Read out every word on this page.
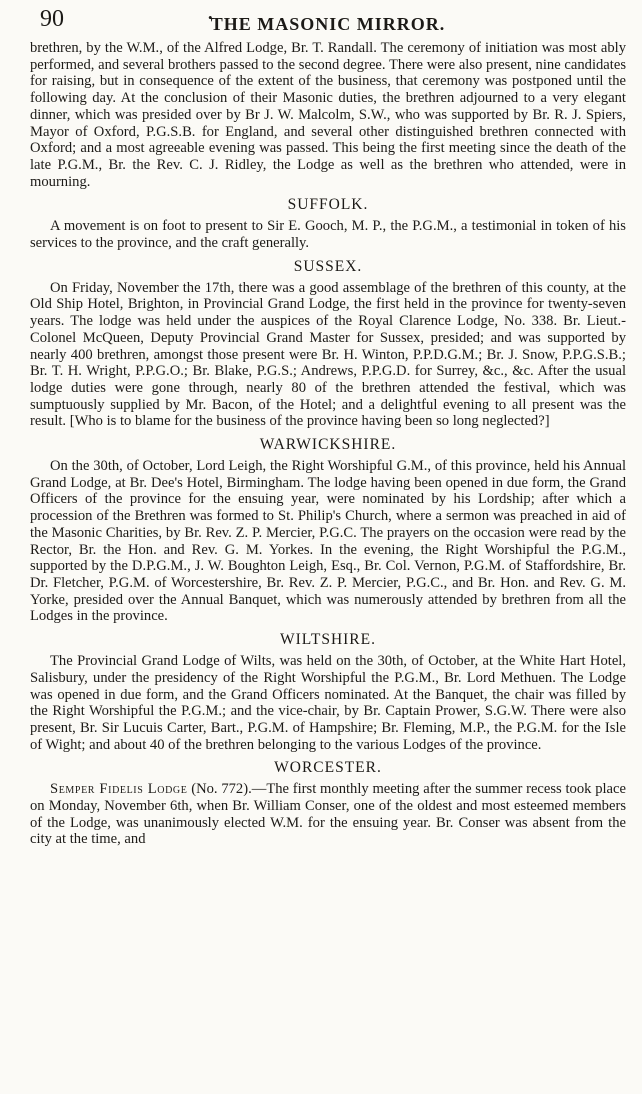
90	•
THE MASONIC MIRROR.

brethren, by the W.M., of the Alfred Lodge, Br. T. Randall. The ceremony of initiation was most ably performed, and several brothers passed to the second degree. There were also present, nine candidates for raising, but in consequence of the extent of the business, that ceremony was postponed until the following day. At the conclusion of their Masonic duties, the brethren adjourned to a very elegant dinner, which was presided over by Br J. W. Malcolm, S.W., who was supported by Br. R. J. Spiers, Mayor of Oxford, P.G.S.B. for England, and several other distinguished brethren connected with Oxford; and a most agreeable evening was passed. This being the first meeting since the death of the late P.G.M., Br. the Rev. C. J. Ridley, the Lodge as well as the brethren who attended, were in mourning.

SUFFOLK.

A movement is on foot to present to Sir E. Gooch, M. P., the P.G.M., a testimonial in token of his services to the province, and the craft generally.

SUSSEX.

On Friday, November the 17th, there was a good assemblage of the brethren of this county, at the Old Ship Hotel, Brighton, in Provincial Grand Lodge, the first held in the province for twenty-seven years. The lodge was held under the auspices of the Royal Clarence Lodge, No. 338. Br. Lieut.-Colonel McQueen, Deputy Provincial Grand Master for Sussex, presided; and was supported by nearly 400 brethren, amongst those present were Br. H. Winton, P.P.D.G.M.; Br. J. Snow, P.P.G.S.B.; Br. T. H. Wright, P.P.G.O.; Br. Blake, P.G.S.; Andrews, P.P.G.D. for Surrey, &c., &c. After the usual lodge duties were gone through, nearly 80 of the brethren attended the festival, which was sumptuously supplied by Mr. Bacon, of the Hotel; and a delightful evening to all present was the result. [Who is to blame for the business of the province having been so long neglected?]

WARWICKSHIRE.

On the 30th, of October, Lord Leigh, the Right Worshipful G.M., of this province, held his Annual Grand Lodge, at Br. Dee's Hotel, Birmingham. The lodge having been opened in due form, the Grand Officers of the province for the ensuing year, were nominated by his Lordship; after which a procession of the Brethren was formed to St. Philip's Church, where a sermon was preached in aid of the Masonic Charities, by Br. Rev. Z. P. Mercier, P.G.C. The prayers on the occasion were read by the Rector, Br. the Hon. and Rev. G. M. Yorkes. In the evening, the Right Worshipful the P.G.M., supported by the D.P.G.M., J. W. Boughton Leigh, Esq., Br. Col. Vernon, P.G.M. of Staffordshire, Br. Dr. Fletcher, P.G.M. of Worcestershire, Br. Rev. Z. P. Mercier, P.G.C., and Br. Hon. and Rev. G. M. Yorke, presided over the Annual Banquet, which was numerously attended by brethren from all the Lodges in the province.

WILTSHIRE.

The Provincial Grand Lodge of Wilts, was held on the 30th, of October, at the White Hart Hotel, Salisbury, under the presidency of the Right Worshipful the P.G.M., Br. Lord Methuen. The Lodge was opened in due form, and the Grand Officers nominated. At the Banquet, the chair was filled by the Right Worshipful the P.G.M.; and the vice-chair, by Br. Captain Prower, S.G.W. There were also present, Br. Sir Lucuis Carter, Bart., P.G.M. of Hampshire; Br. Fleming, M.P., the P.G.M. for the Isle of Wight; and about 40 of the brethren belonging to the various Lodges of the province.

WORCESTER.

Semper Fidelis Lodge (No. 772).—The first monthly meeting after the summer recess took place on Monday, November 6th, when Br. William Conser, one of the oldest and most esteemed members of the Lodge, was unanimously elected W.M. for the ensuing year. Br. Conser was absent from the city at the time, and
